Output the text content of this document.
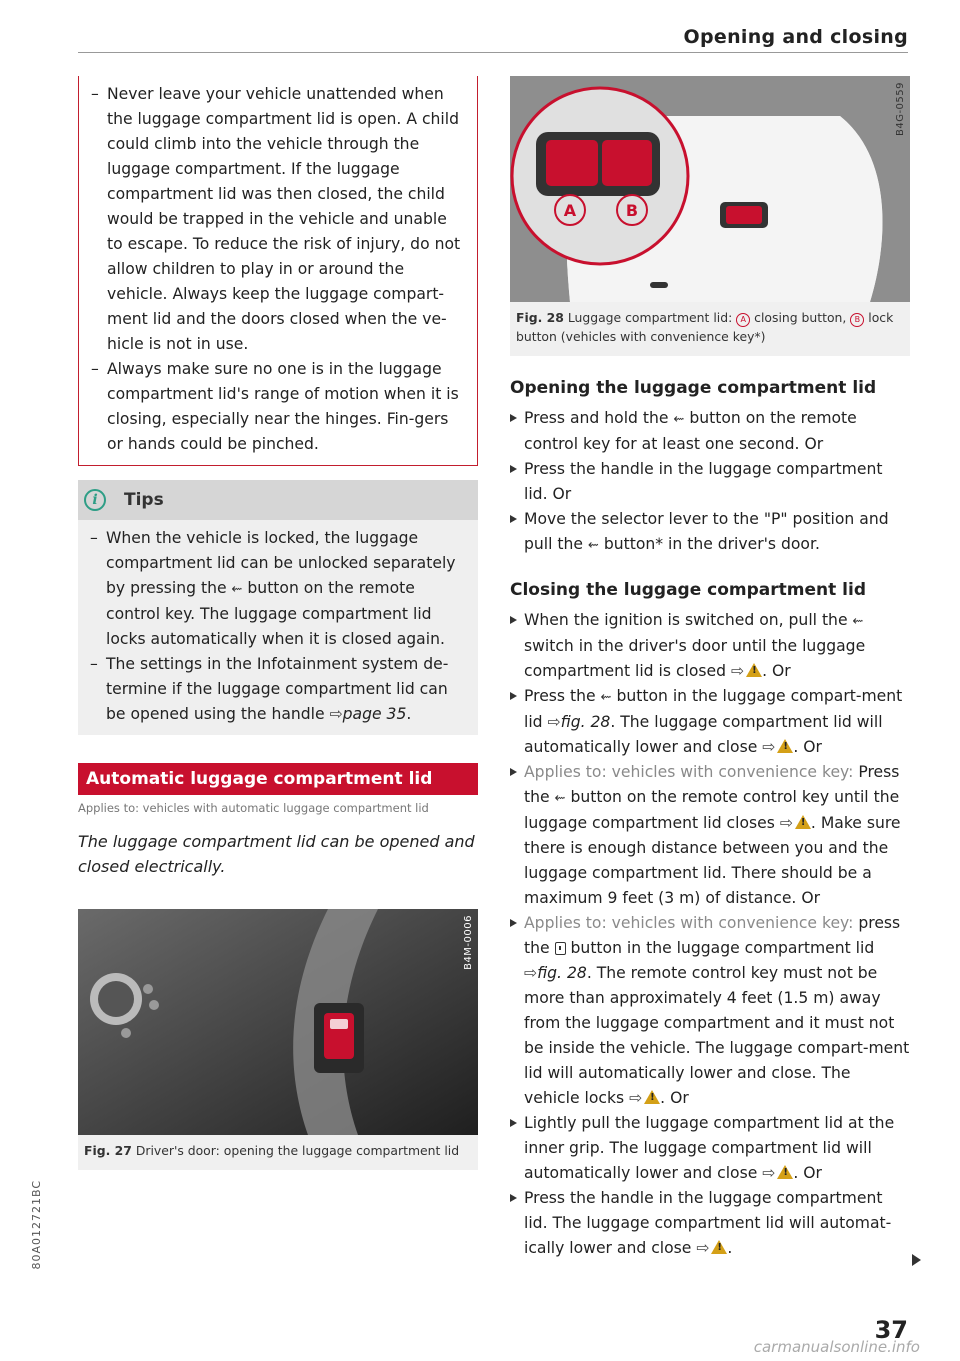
Opening and closing
– Never leave your vehicle unattended when the luggage compartment lid is open. A child could climb into the vehicle through the luggage compartment. If the luggage compartment lid was then closed, the child would be trapped in the vehicle and unable to escape. To reduce the risk of injury, do not allow children to play in or around the vehicle. Always keep the luggage compart-ment lid and the doors closed when the ve-hicle is not in use.
– Always make sure no one is in the luggage compartment lid's range of motion when it is closing, especially near the hinges. Fin-gers or hands could be pinched.
i	Tips
– When the vehicle is locked, the luggage compartment lid can be unlocked separately by pressing the ⇜ button on the remote control key. The luggage compartment lid locks automatically when it is closed again.
– The settings in the Infotainment system de-termine if the luggage compartment lid can be opened using the handle ⇨page 35.
Automatic luggage compartment lid
Applies to: vehicles with automatic luggage compartment lid
The luggage compartment lid can be opened and closed electrically.
B4M-0006
Fig. 27 Driver's door: opening the luggage compartment lid
A	B
B4G-0559
Fig. 28 Luggage compartment lid: A closing button, B lock button (vehicles with convenience key*)
Opening the luggage compartment lid
Press and hold the ⇜ button on the remote control key for at least one second. Or
Press the handle in the luggage compartment lid. Or
Move the selector lever to the "P" position and pull the ⇜ button* in the driver's door.
Closing the luggage compartment lid
When the ignition is switched on, pull the ⇜ switch in the driver's door until the luggage compartment lid is closed ⇨ ! . Or
Press the ⇜ button in the luggage compart-ment lid ⇨fig. 28. The luggage compartment lid will automatically lower and close ⇨ ! . Or
Applies to: vehicles with convenience key: Press the ⇜ button on the remote control key until the luggage compartment lid closes ⇨ ! . Make sure there is enough distance between you and the luggage compartment lid. There should be a maximum 9 feet (3 m) of distance. Or
Applies to: vehicles with convenience key: press the button in the luggage compartment lid ⇨fig. 28. The remote control key must not be more than approximately 4 feet (1.5 m) away from the luggage compartment and it must not be inside the vehicle. The luggage compart-ment lid will automatically lower and close. The vehicle locks ⇨ ! . Or
Lightly pull the luggage compartment lid at the inner grip. The luggage compartment lid will automatically lower and close ⇨ ! . Or
Press the handle in the luggage compartment lid. The luggage compartment lid will automat-ically lower and close ⇨ ! .
37
80A012721BC
carmanualsonline.info
